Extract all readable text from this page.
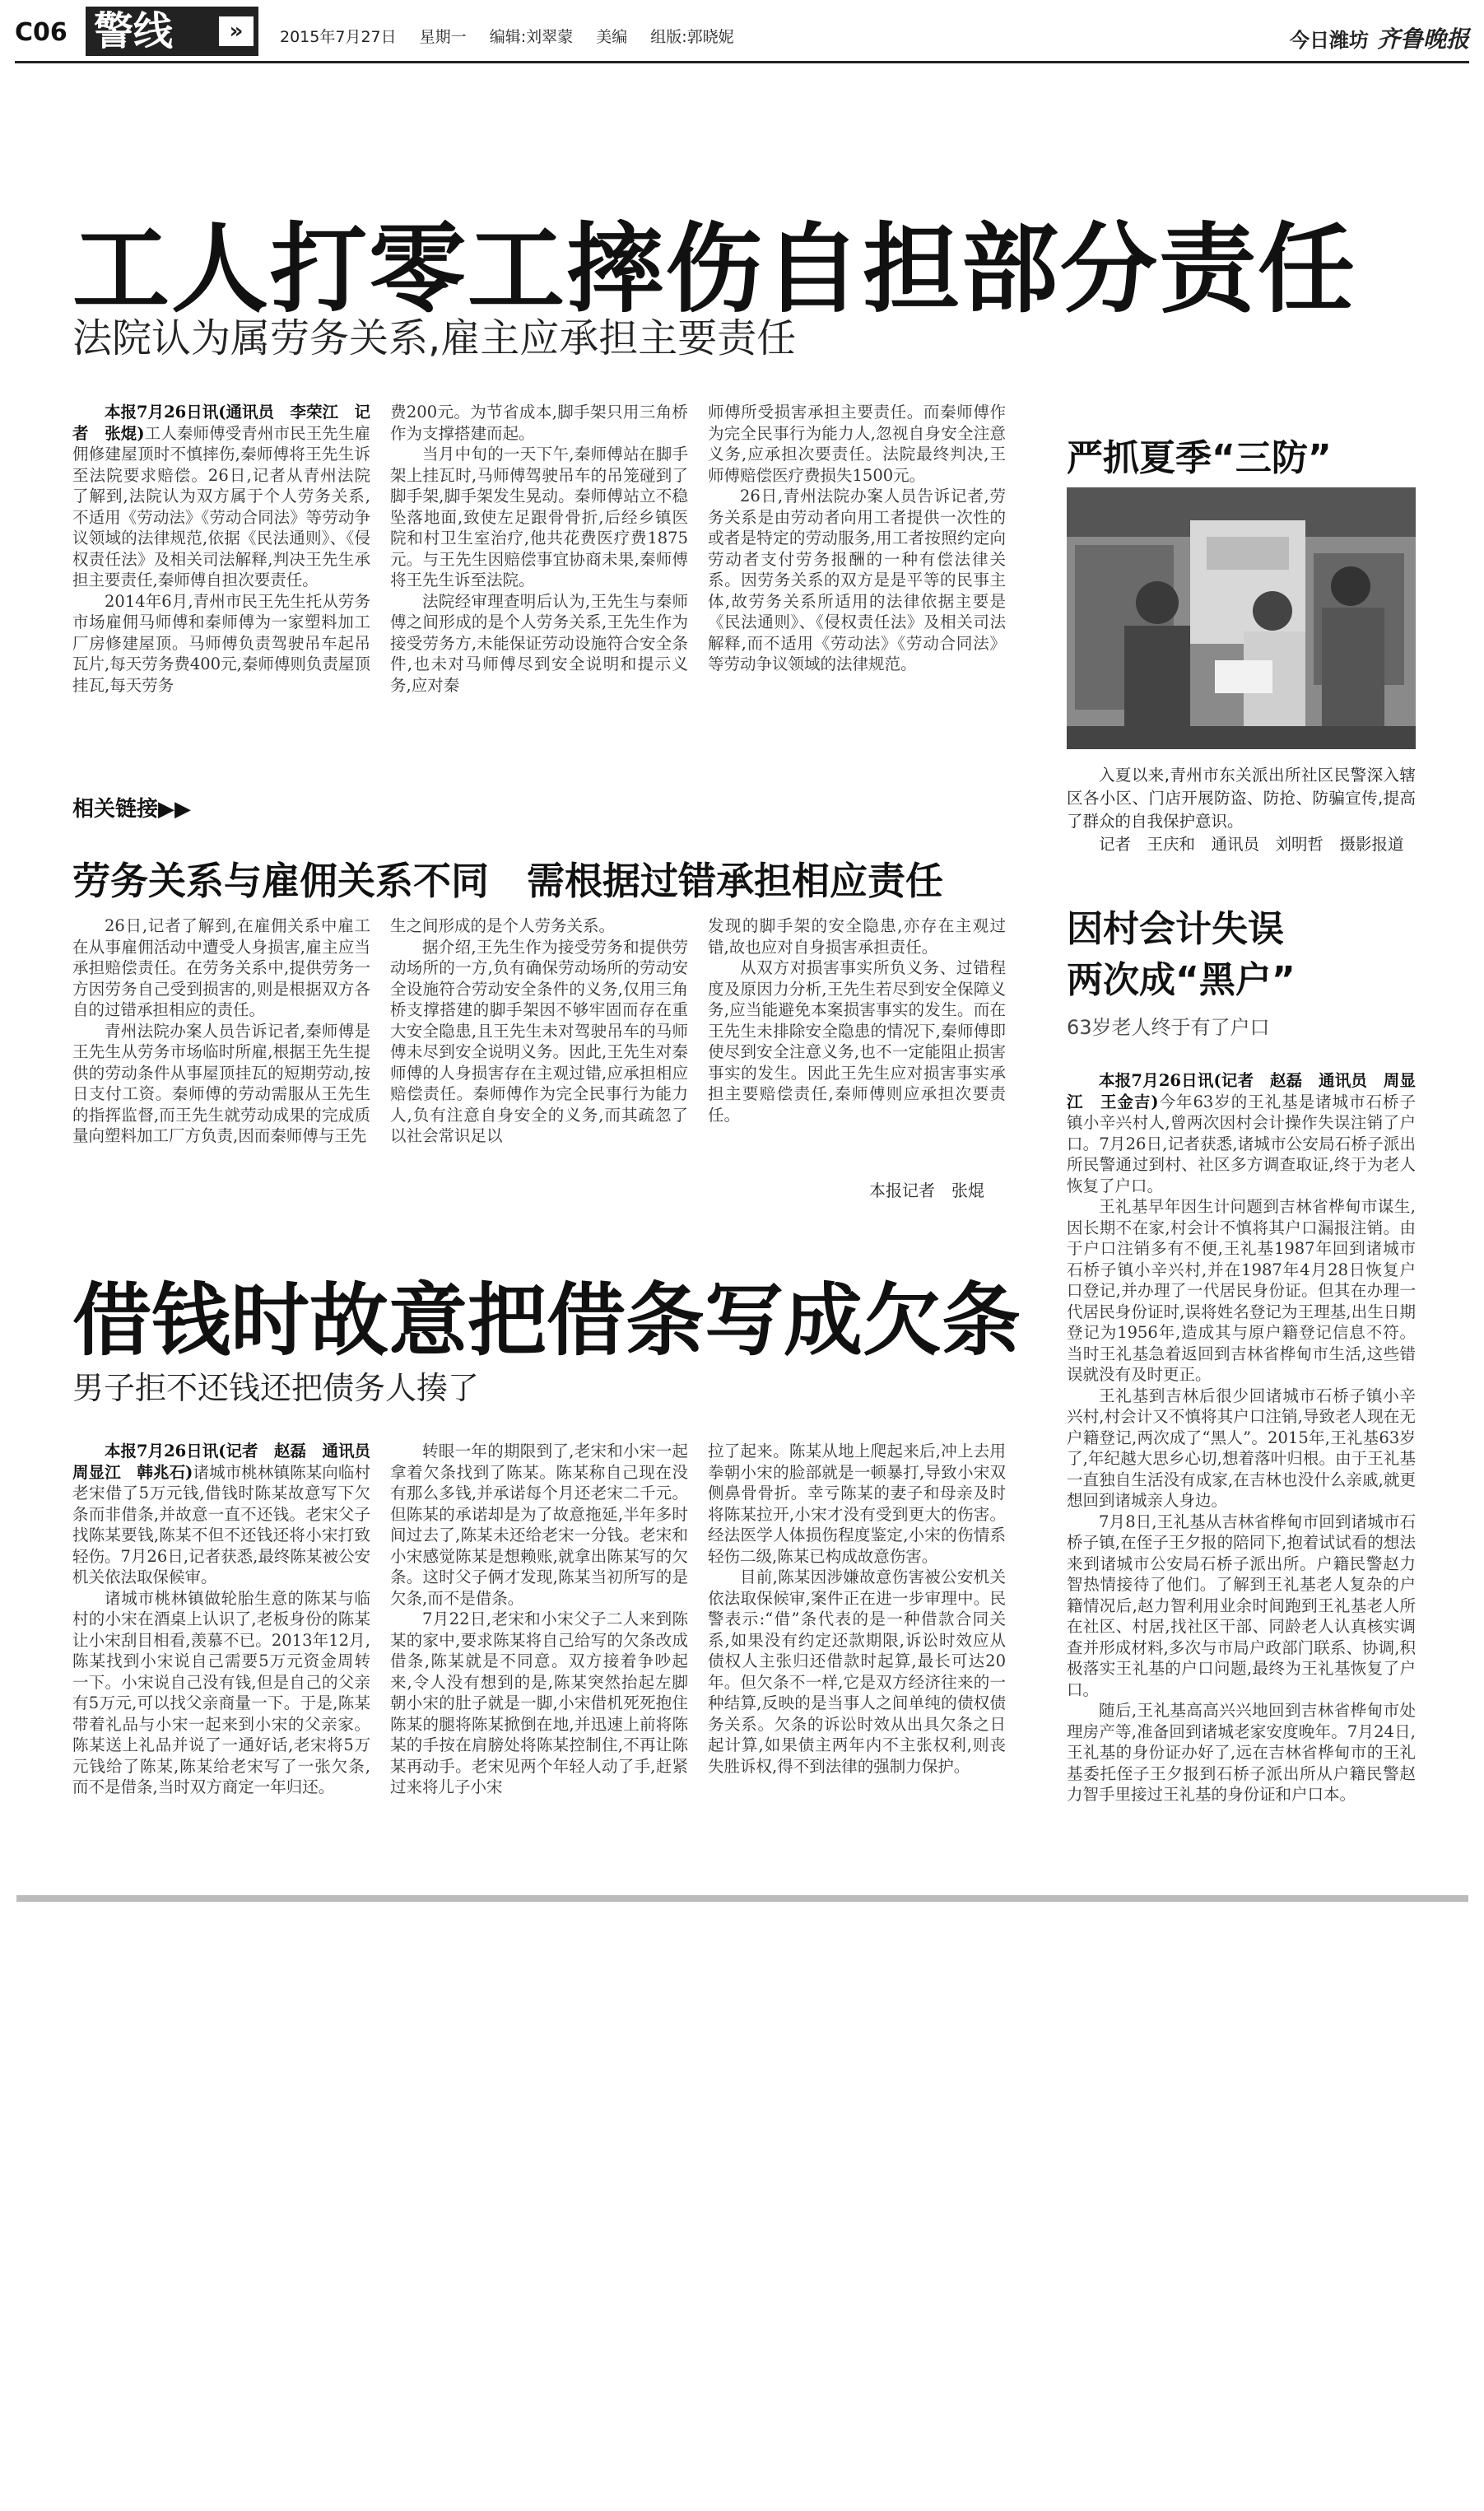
C06 警线	»	2015年7月27日 星期一 编辑:刘翠蒙 美编 组版:郭晓妮	今日潍坊 齐鲁晚报
工人打零工摔伤自担部分责任
法院认为属劳务关系,雇主应承担主要责任

本报7月26日讯(通讯员　李荣江　记者　张焜)工人秦师傅受青州市民王先生雇佣修建屋顶时不慎摔伤,秦师傅将王先生诉至法院要求赔偿。26日,记者从青州法院了解到,法院认为双方属于个人劳务关系,不适用《劳动法》《劳动合同法》等劳动争议领域的法律规范,依据《民法通则》、《侵权责任法》及相关司法解释,判决王先生承担主要责任,秦师傅自担次要责任。

2014年6月,青州市民王先生托从劳务市场雇佣马师傅和秦师傅为一家塑料加工厂房修建屋顶。马师傅负责驾驶吊车起吊瓦片,每天劳务费400元,秦师傅则负责屋顶挂瓦,每天劳务

费200元。为节省成本,脚手架只用三角桥作为支撑搭建而起。

当月中旬的一天下午,秦师傅站在脚手架上挂瓦时,马师傅驾驶吊车的吊笼碰到了脚手架,脚手架发生晃动。秦师傅站立不稳坠落地面,致使左足跟骨骨折,后经乡镇医院和村卫生室治疗,他共花费医疗费1875元。与王先生因赔偿事宜协商未果,秦师傅将王先生诉至法院。

法院经审理查明后认为,王先生与秦师傅之间形成的是个人劳务关系,王先生作为接受劳务方,未能保证劳动设施符合安全条件,也未对马师傅尽到安全说明和提示义务,应对秦

师傅所受损害承担主要责任。而秦师傅作为完全民事行为能力人,忽视自身安全注意义务,应承担次要责任。法院最终判决,王师傅赔偿医疗费损失1500元。

26日,青州法院办案人员告诉记者,劳务关系是由劳动者向用工者提供一次性的或者是特定的劳动服务,用工者按照约定向劳动者支付劳务报酬的一种有偿法律关系。因劳务关系的双方是是平等的民事主体,故劳务关系所适用的法律依据主要是《民法通则》、《侵权责任法》及相关司法解释,而不适用《劳动法》《劳动合同法》等劳动争议领域的法律规范。

相关链接▶▶
劳务关系与雇佣关系不同　需根据过错承担相应责任

26日,记者了解到,在雇佣关系中雇工在从事雇佣活动中遭受人身损害,雇主应当承担赔偿责任。在劳务关系中,提供劳务一方因劳务自己受到损害的,则是根据双方各自的过错承担相应的责任。

青州法院办案人员告诉记者,秦师傅是王先生从劳务市场临时所雇,根据王先生提供的劳动条件从事屋顶挂瓦的短期劳动,按日支付工资。秦师傅的劳动需服从王先生的指挥监督,而王先生就劳动成果的完成质量向塑料加工厂方负责,因而秦师傅与王先

生之间形成的是个人劳务关系。

据介绍,王先生作为接受劳务和提供劳动场所的一方,负有确保劳动场所的劳动安全设施符合劳动安全条件的义务,仅用三角桥支撑搭建的脚手架因不够牢固而存在重大安全隐患,且王先生未对驾驶吊车的马师傅未尽到安全说明义务。因此,王先生对秦师傅的人身损害存在主观过错,应承担相应赔偿责任。秦师傅作为完全民事行为能力人,负有注意自身安全的义务,而其疏忽了以社会常识足以

发现的脚手架的安全隐患,亦存在主观过错,故也应对自身损害承担责任。

从双方对损害事实所负义务、过错程度及原因力分析,王先生若尽到安全保障义务,应当能避免本案损害事实的发生。而在王先生未排除安全隐患的情况下,秦师傅即使尽到安全注意义务,也不一定能阻止损害事实的发生。因此王先生应对损害事实承担主要赔偿责任,秦师傅则应承担次要责任。

本报记者　张焜
借钱时故意把借条写成欠条
男子拒不还钱还把债务人揍了

本报7月26日讯(记者　赵磊　通讯员　周显江　韩兆石)诸城市桃林镇陈某向临村老宋借了5万元钱,借钱时陈某故意写下欠条而非借条,并故意一直不还钱。老宋父子找陈某要钱,陈某不但不还钱还将小宋打致轻伤。7月26日,记者获悉,最终陈某被公安机关依法取保候审。

诸城市桃林镇做轮胎生意的陈某与临村的小宋在酒桌上认识了,老板身份的陈某让小宋刮目相看,羡慕不已。2013年12月,陈某找到小宋说自己需要5万元资金周转一下。小宋说自己没有钱,但是自己的父亲有5万元,可以找父亲商量一下。于是,陈某带着礼品与小宋一起来到小宋的父亲家。陈某送上礼品并说了一通好话,老宋将5万元钱给了陈某,陈某给老宋写了一张欠条,而不是借条,当时双方商定一年归还。

转眼一年的期限到了,老宋和小宋一起拿着欠条找到了陈某。陈某称自己现在没有那么多钱,并承诺每个月还老宋二千元。但陈某的承诺却是为了故意拖延,半年多时间过去了,陈某未还给老宋一分钱。老宋和小宋感觉陈某是想赖账,就拿出陈某写的欠条。这时父子俩才发现,陈某当初所写的是欠条,而不是借条。

7月22日,老宋和小宋父子二人来到陈某的家中,要求陈某将自己给写的欠条改成借条,陈某就是不同意。双方接着争吵起来,令人没有想到的是,陈某突然抬起左脚朝小宋的肚子就是一脚,小宋借机死死抱住陈某的腿将陈某掀倒在地,并迅速上前将陈某的手按在肩膀处将陈某控制住,不再让陈某再动手。老宋见两个年轻人动了手,赶紧过来将儿子小宋

拉了起来。陈某从地上爬起来后,冲上去用拳朝小宋的脸部就是一顿暴打,导致小宋双侧鼻骨骨折。幸亏陈某的妻子和母亲及时将陈某拉开,小宋才没有受到更大的伤害。经法医学人体损伤程度鉴定,小宋的伤情系轻伤二级,陈某已构成故意伤害。

目前,陈某因涉嫌故意伤害被公安机关依法取保候审,案件正在进一步审理中。民警表示:“借”条代表的是一种借款合同关系,如果没有约定还款期限,诉讼时效应从债权人主张归还借款时起算,最长可达20年。但欠条不一样,它是双方经济往来的一种结算,反映的是当事人之间单纯的债权债务关系。欠条的诉讼时效从出具欠条之日起计算,如果债主两年内不主张权利,则丧失胜诉权,得不到法律的强制力保护。

严抓夏季“三防”

入夏以来,青州市东关派出所社区民警深入辖区各小区、门店开展防盗、防抢、防骗宣传,提高了群众的自我保护意识。

记者　王庆和　通讯员　刘明哲　摄影报道

因村会计失误
两次成“黑户”
63岁老人终于有了户口

本报7月26日讯(记者　赵磊　通讯员　周显江　王金吉)今年63岁的王礼基是诸城市石桥子镇小辛兴村人,曾两次因村会计操作失误注销了户口。7月26日,记者获悉,诸城市公安局石桥子派出所民警通过到村、社区多方调查取证,终于为老人恢复了户口。

王礼基早年因生计问题到吉林省桦甸市谋生,因长期不在家,村会计不慎将其户口漏报注销。由于户口注销多有不便,王礼基1987年回到诸城市石桥子镇小辛兴村,并在1987年4月28日恢复户口登记,并办理了一代居民身份证。但其在办理一代居民身份证时,误将姓名登记为王理基,出生日期登记为1956年,造成其与原户籍登记信息不符。当时王礼基急着返回到吉林省桦甸市生活,这些错误就没有及时更正。

王礼基到吉林后很少回诸城市石桥子镇小辛兴村,村会计又不慎将其户口注销,导致老人现在无户籍登记,两次成了“黑人”。2015年,王礼基63岁了,年纪越大思乡心切,想着落叶归根。由于王礼基一直独自生活没有成家,在吉林也没什么亲戚,就更想回到诸城亲人身边。

7月8日,王礼基从吉林省桦甸市回到诸城市石桥子镇,在侄子王夕报的陪同下,抱着试试看的想法来到诸城市公安局石桥子派出所。户籍民警赵力智热情接待了他们。了解到王礼基老人复杂的户籍情况后,赵力智利用业余时间跑到王礼基老人所在社区、村居,找社区干部、同龄老人认真核实调查并形成材料,多次与市局户政部门联系、协调,积极落实王礼基的户口问题,最终为王礼基恢复了户口。

随后,王礼基高高兴兴地回到吉林省桦甸市处理房产等,准备回到诸城老家安度晚年。7月24日,王礼基的身份证办好了,远在吉林省桦甸市的王礼基委托侄子王夕报到石桥子派出所从户籍民警赵力智手里接过王礼基的身份证和户口本。
